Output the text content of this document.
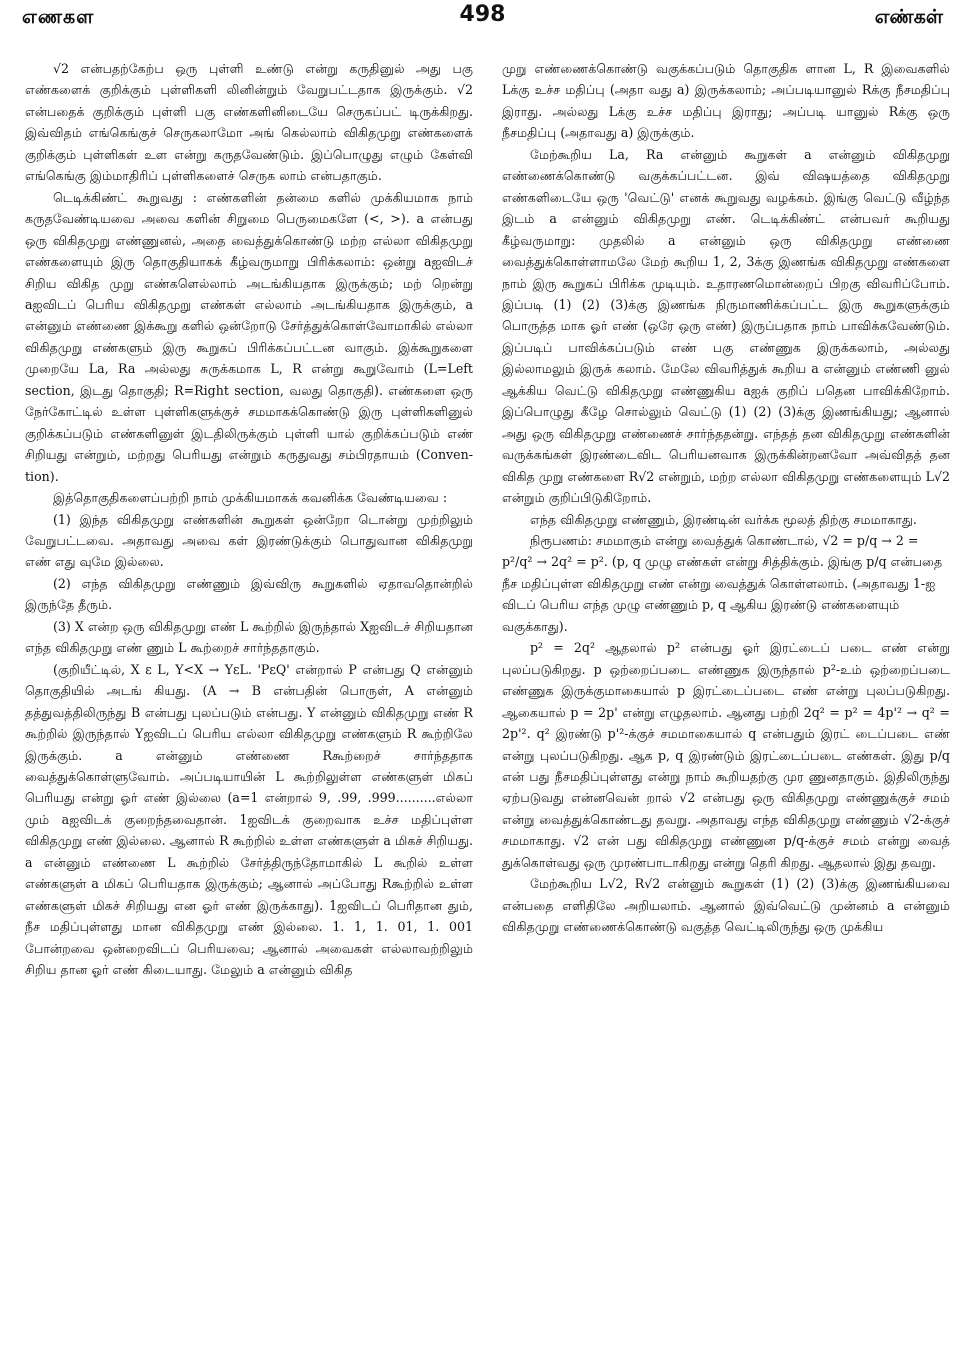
எணகள	498	எண்கள்

√2 என்பதற்கேற்ப ஒரு புள்ளி உண்டு என்று கருதினுல் அது பகு எண்களைக் குறிக்கும் புள்ளிகளி லினின்றும் வேறுபட்டதாக இருக்கும். √2 என்பதைக் குறிக்கும் புள்ளி பகு எண்களினிடையே செருகப்பட் டிருக்கிறது. இவ்விதம் எங்கெங்குச் செருகலாமோ அங் கெல்லாம் விகிதமுறு எண்களைக் குறிக்கும் புள்ளிகள் உள என்று கருதவேண்டும். இப்பொழுது எழும் கேள்வி எங்கெங்கு இம்மாதிரிப் புள்ளிகளைச் செருக லாம் என்பதாகும்.

டெடிக்கிண்ட் கூறுவது : எண்களின் தன்மை களில் முக்கியமாக நாம் கருதவேண்டியவை அவை களின் சிறுமை பெருமைகளே (<, >). a என்பது ஒரு விகிதமுறு எண்ணுனல், அதை வைத்துக்கொண்டு மற்ற எல்லா விகிதமுறு எண்களையும் இரு தொகுதியாகக் கீழ்வருமாறு பிரிக்கலாம்: ஒன்று aஐவிடச் சிறிய விகித முறு எண்களெல்லாம் அடங்கியதாக இருக்கும்; மற் றென்று aஐவிடப் பெரிய விகிதமுறு எண்கள் எல்லாம் அடங்கியதாக இருக்கும், a என்னும் எண்ணை இக்கூறு களில் ஒன்றோடு சேர்த்துக்கொள்வோமாகில் எல்லா விகிதமுறு எண்களும் இரு கூறுகப் பிரிக்கப்பட்டன வாகும். இக்கூறுகளை முறையே La, Ra அல்லது சுருக்கமாக L, R என்று கூறுவோம் (L=Left section, இடது தொகுதி; R=Right section, வலது தொகுதி). எண்களை ஒரு நேர்கோட்டில் உள்ள புள்ளிகளுக்குச் சமமாகக்கொண்டு இரு புள்ளிகளினுல் குறிக்கப்படும் எண்களினுள் இடதிலிருக்கும் புள்ளி யால் குறிக்கப்படும் எண் சிறியது என்றும், மற்றது பெரியது என்றும் கருதுவது சம்பிரதாயம் (Conven- tion).

இத்தொகுதிகளைப்பற்றி நாம் முக்கியமாகக் கவனிக்க வேண்டியவை :

(1) இந்த விகிதமுறு எண்களின் கூறுகள் ஒன்றோ டொன்று முற்றிலும் வேறுபட்டவை. அதாவது அவை கள் இரண்டுக்கும் பொதுவான விகிதமுறு எண் எது வுமே இல்லை.

(2) எந்த விகிதமுறு எண்ணும் இவ்விரு கூறுகளில் ஏதாவதொன்றில் இருந்தே தீரும்.

(3) X என்ற ஒரு விகிதமுறு எண் L கூற்றில் இருந்தால் Xஐவிடச் சிறியதான எந்த விகிதமுறு எண் ணும் L கூற்றைச் சார்ந்ததாகும்.

(குறியீட்டில், X ε L, Y<X → YεL. 'PεQ' என்றால் P என்பது Q என்னும் தொகுதியில் அடங் கியது. (A → B என்பதின் பொருள், A என்னும் தத்துவத்திலிருந்து B என்பது புலப்படும் என்பது. Y என்னும் விகிதமுறு எண் R கூற்றில் இருந்தால் Yஐவிடப் பெரிய எல்லா விகிதமுறு எண்களும் R கூற்றிலே இருக்கும். a என்னும் எண்ணை Rகூற்றைச் சார்ந்ததாக வைத்துக்கொள்ளுவோம். அப்படியாயின் L கூற்றிலுள்ள எண்களுள் மிகப் பெரியது என்று ஓர் எண் இல்லை (a=1 என்றால் 9, .99, .999..........எல்லா மும் aஐவிடக் குறைந்தவைதான். 1ஐவிடக் குறைவாக உச்ச மதிப்புள்ள விகிதமுறு எண் இல்லை. ஆனால் R கூற்றில் உள்ள எண்களுள் a மிகச் சிறியது. a என்னும் எண்ணை L கூற்றில் சேர்த்திருந்தோமாகில் L கூறில் உள்ள எண்களுள் a மிகப் பெரியதாக இருக்கும்; ஆனால் அப்போது Rகூற்றில் உள்ள எண்களுள் மிகச் சிறியது என ஓர் எண் இருக்காது). 1ஐவிடப் பெரிதான தும், நீச மதிப்புள்ளது மான விகிதமுறு எண் இல்லை. 1. 1, 1. 01, 1. 001 போன்றவை ஒன்றைவிடப் பெரியவை; ஆனால் அவைகள் எல்லாவற்றிலும் சிறிய தான ஓர் எண் கிடையாது. மேலும் a என்னும் விகித

முறு எண்ணைக்கொண்டு வகுக்கப்படும் தொகுதிக ளான L, R இவைகளில் Lக்கு உச்ச மதிப்பு (அதா வது a) இருக்கலாம்; அப்படியானுல் Rக்கு நீசமதிப்பு இராது. அல்லது Lக்கு உச்ச மதிப்பு இராது; அப்படி யானுல் Rக்கு ஒரு நீசமதிப்பு (அதாவது a) இருக்கும்.

மேற்கூறிய La, Ra என்னும் கூறுகள் a என்னும் விகிதமுறு எண்ணைக்கொண்டு வகுக்கப்பட்டன. இவ் விஷயத்தை விகிதமுறு எண்களிடையே ஒரு 'வெட்டு' எனக் கூறுவது வழக்கம். இங்கு வெட்டு வீழ்ந்த இடம் a என்னும் விகிதமுறு எண். டெடிக்கிண்ட் என்பவர் கூறியது கீழ்வருமாறு: முதலில் a என்னும் ஒரு விகிதமுறு எண்ணை வைத்துக்கொள்ளாமலே மேற் கூறிய 1, 2, 3க்கு இணங்க விகிதமுறு எண்களை நாம் இரு கூறுகப் பிரிக்க முடியும். உதாரணமொன்றைப் பிறகு விவரிப்போம். இப்படி (1) (2) (3)க்கு இணங்க நிருமாணிக்கப்பட்ட இரு கூறுகளுக்கும் பொருத்த மாக ஓர் எண் (ஒரே ஒரு எண்) இருப்பதாக நாம் பாவிக்கவேண்டும். இப்படிப் பாவிக்கப்படும் எண் பகு எண்ணுக இருக்கலாம், அல்லது இல்லாமலும் இருக் கலாம். மேலே விவரித்துக் கூறிய a என்னும் எண்ணி னுல் ஆக்கிய வெட்டு விகிதமுறு எண்ணுகிய aஐக் குறிப் பதென பாவிக்கிறோம். இப்பொழுது கீழே சொல்லும் வெட்டு (1) (2) (3)க்கு இணங்கியது; ஆனால் அது ஒரு விகிதமுறு எண்ணைச் சார்ந்ததன்று. எந்தத் தன விகிதமுறு எண்களின் வருக்கங்கள் இரண்டைவிட பெரியனவாக இருக்கின்றனவோ அவ்விதத் தன விகித முறு எண்களை R√2 என்றும், மற்ற எல்லா விகிதமுறு எண்களையும் L√2 என்றும் குறிப்பிடுகிறோம்.

எந்த விகிதமுறு எண்ணும், இரண்டின் வர்க்க மூலத் திற்கு சமமாகாது.

நிரூபணம்: சமமாகும் என்று வைத்துக் கொண்டால், √2 = p/q → 2 = p²/q² → 2q² = p². (p, q முழு எண்கள் என்று சித்திக்கும். இங்கு p/q என்பதை நீச மதிப்புள்ள விகிதமுறு எண் என்று வைத்துக் கொள்ளலாம். (அதாவது 1-ஐ விடப் பெரிய எந்த முழு எண்ணும் p, q ஆகிய இரண்டு எண்களையும் வகுக்காது).

p² = 2q² ஆதலால் p² என்பது ஓர் இரட்டைப் படை எண் என்று புலப்படுகிறது. p ஒற்றைப்படை எண்ணுக இருந்தால் p²-உம் ஒற்றைப்படை எண்ணுக இருக்குமாகையால் p இரட்டைப்படை எண் என்று புலப்படுகிறது. ஆகையால் p = 2p' என்று எழுதலாம். ஆனது பற்றி 2q² = p² = 4p'² → q² = 2p'². q² இரண்டு p'²-க்குச் சமமாகையால் q என்பதும் இரட் டைப்படை எண் என்று புலப்படுகிறது. ஆக p, q இரண்டும் இரட்டைப்படை எண்கள். இது p/q என் பது நீசமதிப்புள்ளது என்று நாம் கூறியதற்கு முர ணுனதாகும். இதிலிருந்து ஏற்படுவது என்னவென் றால் √2 என்பது ஒரு விகிதமுறு எண்ணுக்குச் சமம் என்று வைத்துக்கொண்டது தவறு. அதாவது எந்த விகிதமுறு எண்ணும் √2-க்குச் சமமாகாது. √2 என் பது விகிதமுறு எண்ணுன p/q-க்குச் சமம் என்று வைத் துக்கொள்வது ஒரு முரண்பாடாகிறது என்று தெரி கிறது. ஆதலால் இது தவறு.

மேற்கூறிய L√2, R√2 என்னும் கூறுகள் (1) (2) (3)க்கு இணங்கியவை என்பதை எளிதிலே அறியலாம். ஆனால் இவ்வெட்டு முன்னம் a என்னும் விகிதமுறு எண்ணைக்கொண்டு வகுத்த வெட்டிலிருந்து ஒரு முக்கிய
